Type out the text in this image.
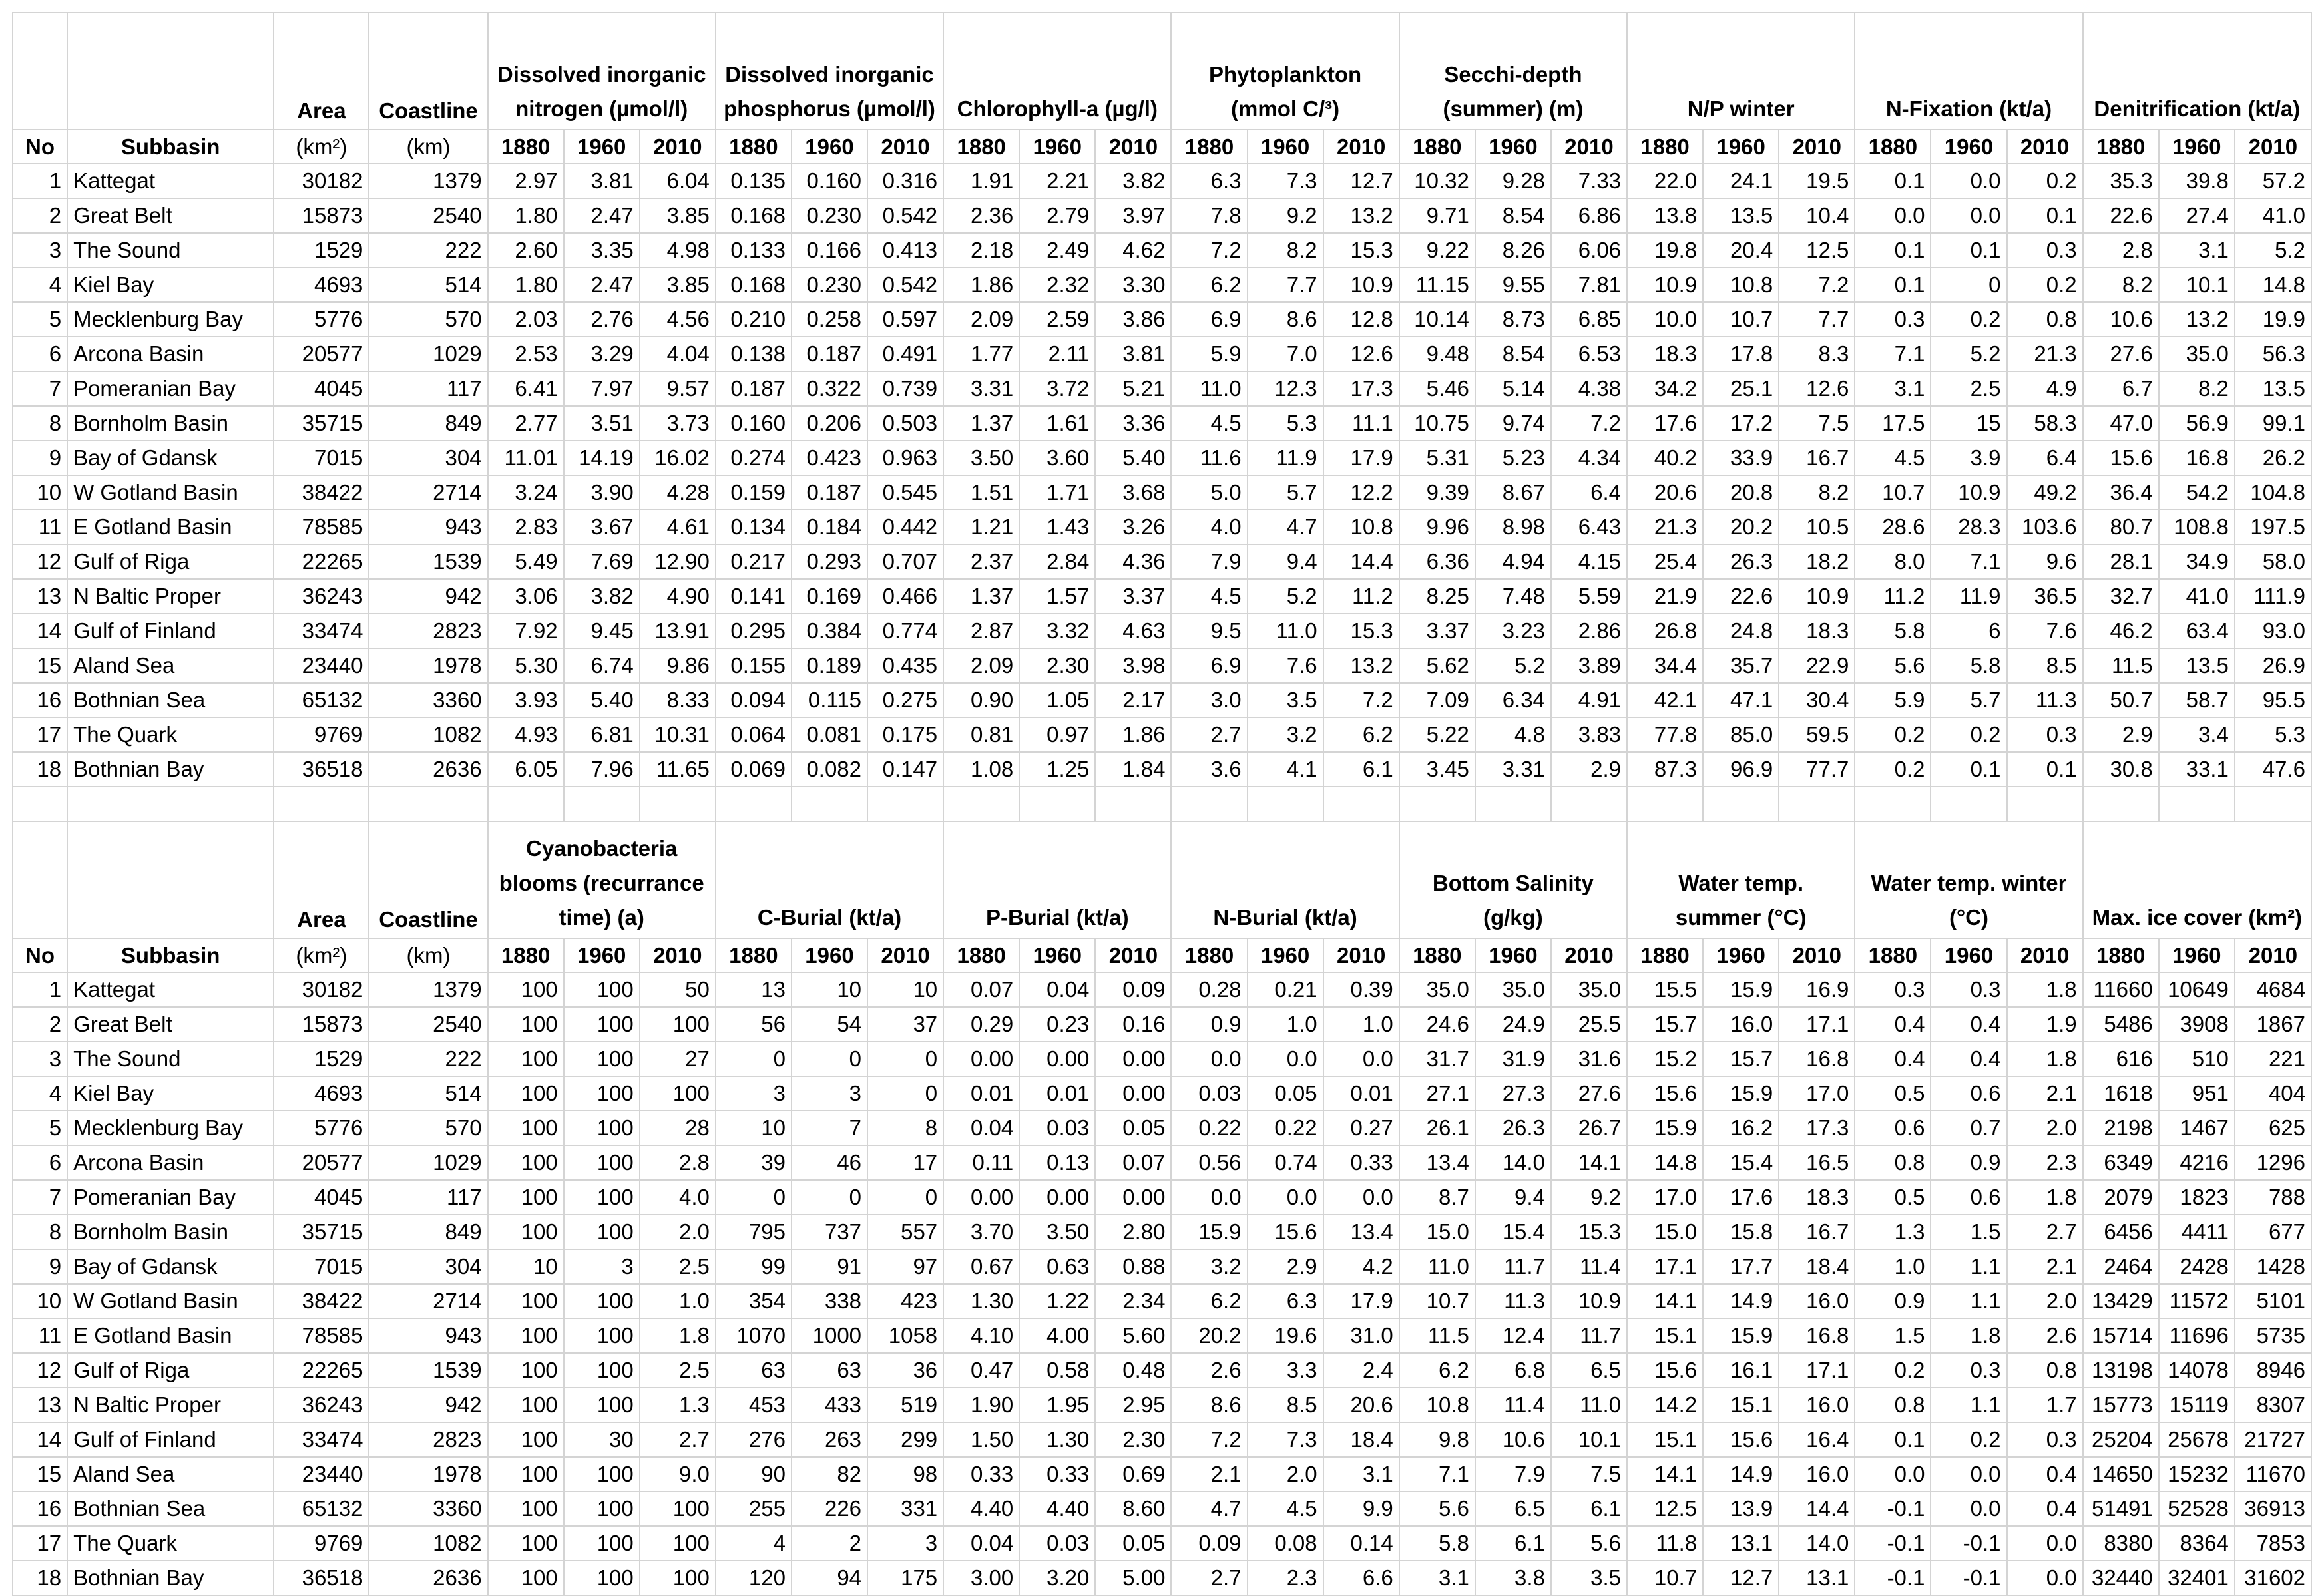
		Area	Coastline	Dissolved inorganic nitrogen (µmol/l)			Dissolved inorganic phosphorus (µmol/l)			Chlorophyll-a (µg/l)			Phytoplankton (mmol C/³)			Secchi-depth (summer) (m)			N/P winter			N-Fixation (kt/a)			Denitrification (kt/a)		
No	Subbasin	(km²)	(km)	1880	1960	2010	1880	1960	2010	1880	1960	2010	1880	1960	2010	1880	1960	2010	1880	1960	2010	1880	1960	2010	1880	1960	2010
1	Kattegat	30182	1379	2.97	3.81	6.04	0.135	0.160	0.316	1.91	2.21	3.82	6.3	7.3	12.7	10.32	9.28	7.33	22.0	24.1	19.5	0.1	0.0	0.2	35.3	39.8	57.2
2	Great Belt	15873	2540	1.80	2.47	3.85	0.168	0.230	0.542	2.36	2.79	3.97	7.8	9.2	13.2	9.71	8.54	6.86	13.8	13.5	10.4	0.0	0.0	0.1	22.6	27.4	41.0
3	The Sound	1529	222	2.60	3.35	4.98	0.133	0.166	0.413	2.18	2.49	4.62	7.2	8.2	15.3	9.22	8.26	6.06	19.8	20.4	12.5	0.1	0.1	0.3	2.8	3.1	5.2
4	Kiel Bay	4693	514	1.80	2.47	3.85	0.168	0.230	0.542	1.86	2.32	3.30	6.2	7.7	10.9	11.15	9.55	7.81	10.9	10.8	7.2	0.1	0	0.2	8.2	10.1	14.8
5	Mecklenburg Bay	5776	570	2.03	2.76	4.56	0.210	0.258	0.597	2.09	2.59	3.86	6.9	8.6	12.8	10.14	8.73	6.85	10.0	10.7	7.7	0.3	0.2	0.8	10.6	13.2	19.9
6	Arcona Basin	20577	1029	2.53	3.29	4.04	0.138	0.187	0.491	1.77	2.11	3.81	5.9	7.0	12.6	9.48	8.54	6.53	18.3	17.8	8.3	7.1	5.2	21.3	27.6	35.0	56.3
7	Pomeranian Bay	4045	117	6.41	7.97	9.57	0.187	0.322	0.739	3.31	3.72	5.21	11.0	12.3	17.3	5.46	5.14	4.38	34.2	25.1	12.6	3.1	2.5	4.9	6.7	8.2	13.5
8	Bornholm Basin	35715	849	2.77	3.51	3.73	0.160	0.206	0.503	1.37	1.61	3.36	4.5	5.3	11.1	10.75	9.74	7.2	17.6	17.2	7.5	17.5	15	58.3	47.0	56.9	99.1
9	Bay of Gdansk	7015	304	11.01	14.19	16.02	0.274	0.423	0.963	3.50	3.60	5.40	11.6	11.9	17.9	5.31	5.23	4.34	40.2	33.9	16.7	4.5	3.9	6.4	15.6	16.8	26.2
10	W Gotland Basin	38422	2714	3.24	3.90	4.28	0.159	0.187	0.545	1.51	1.71	3.68	5.0	5.7	12.2	9.39	8.67	6.4	20.6	20.8	8.2	10.7	10.9	49.2	36.4	54.2	104.8
11	E Gotland Basin	78585	943	2.83	3.67	4.61	0.134	0.184	0.442	1.21	1.43	3.26	4.0	4.7	10.8	9.96	8.98	6.43	21.3	20.2	10.5	28.6	28.3	103.6	80.7	108.8	197.5
12	Gulf of Riga	22265	1539	5.49	7.69	12.90	0.217	0.293	0.707	2.37	2.84	4.36	7.9	9.4	14.4	6.36	4.94	4.15	25.4	26.3	18.2	8.0	7.1	9.6	28.1	34.9	58.0
13	N Baltic Proper	36243	942	3.06	3.82	4.90	0.141	0.169	0.466	1.37	1.57	3.37	4.5	5.2	11.2	8.25	7.48	5.59	21.9	22.6	10.9	11.2	11.9	36.5	32.7	41.0	111.9
14	Gulf of Finland	33474	2823	7.92	9.45	13.91	0.295	0.384	0.774	2.87	3.32	4.63	9.5	11.0	15.3	3.37	3.23	2.86	26.8	24.8	18.3	5.8	6	7.6	46.2	63.4	93.0
15	Aland Sea	23440	1978	5.30	6.74	9.86	0.155	0.189	0.435	2.09	2.30	3.98	6.9	7.6	13.2	5.62	5.2	3.89	34.4	35.7	22.9	5.6	5.8	8.5	11.5	13.5	26.9
16	Bothnian Sea	65132	3360	3.93	5.40	8.33	0.094	0.115	0.275	0.90	1.05	2.17	3.0	3.5	7.2	7.09	6.34	4.91	42.1	47.1	30.4	5.9	5.7	11.3	50.7	58.7	95.5
17	The Quark	9769	1082	4.93	6.81	10.31	0.064	0.081	0.175	0.81	0.97	1.86	2.7	3.2	6.2	5.22	4.8	3.83	77.8	85.0	59.5	0.2	0.2	0.3	2.9	3.4	5.3
18	Bothnian Bay	36518	2636	6.05	7.96	11.65	0.069	0.082	0.147	1.08	1.25	1.84	3.6	4.1	6.1	3.45	3.31	2.9	87.3	96.9	77.7	0.2	0.1	0.1	30.8	33.1	47.6

		Area	Coastline	Cyanobacteria blooms (recurrance time) (a)			C-Burial (kt/a)			P-Burial (kt/a)			N-Burial (kt/a)			Bottom Salinity (g/kg)			Water temp. summer (°C)			Water temp. winter (°C)			Max. ice cover (km²)		
No	Subbasin	(km²)	(km)	1880	1960	2010	1880	1960	2010	1880	1960	2010	1880	1960	2010	1880	1960	2010	1880	1960	2010	1880	1960	2010	1880	1960	2010
1	Kattegat	30182	1379	100	100	50	13	10	10	0.07	0.04	0.09	0.28	0.21	0.39	35.0	35.0	35.0	15.5	15.9	16.9	0.3	0.3	1.8	11660	10649	4684
2	Great Belt	15873	2540	100	100	100	56	54	37	0.29	0.23	0.16	0.9	1.0	1.0	24.6	24.9	25.5	15.7	16.0	17.1	0.4	0.4	1.9	5486	3908	1867
3	The Sound	1529	222	100	100	27	0	0	0	0.00	0.00	0.00	0.0	0.0	0.0	31.7	31.9	31.6	15.2	15.7	16.8	0.4	0.4	1.8	616	510	221
4	Kiel Bay	4693	514	100	100	100	3	3	0	0.01	0.01	0.00	0.03	0.05	0.01	27.1	27.3	27.6	15.6	15.9	17.0	0.5	0.6	2.1	1618	951	404
5	Mecklenburg Bay	5776	570	100	100	28	10	7	8	0.04	0.03	0.05	0.22	0.22	0.27	26.1	26.3	26.7	15.9	16.2	17.3	0.6	0.7	2.0	2198	1467	625
6	Arcona Basin	20577	1029	100	100	2.8	39	46	17	0.11	0.13	0.07	0.56	0.74	0.33	13.4	14.0	14.1	14.8	15.4	16.5	0.8	0.9	2.3	6349	4216	1296
7	Pomeranian Bay	4045	117	100	100	4.0	0	0	0	0.00	0.00	0.00	0.0	0.0	0.0	8.7	9.4	9.2	17.0	17.6	18.3	0.5	0.6	1.8	2079	1823	788
8	Bornholm Basin	35715	849	100	100	2.0	795	737	557	3.70	3.50	2.80	15.9	15.6	13.4	15.0	15.4	15.3	15.0	15.8	16.7	1.3	1.5	2.7	6456	4411	677
9	Bay of Gdansk	7015	304	10	3	2.5	99	91	97	0.67	0.63	0.88	3.2	2.9	4.2	11.0	11.7	11.4	17.1	17.7	18.4	1.0	1.1	2.1	2464	2428	1428
10	W Gotland Basin	38422	2714	100	100	1.0	354	338	423	1.30	1.22	2.34	6.2	6.3	17.9	10.7	11.3	10.9	14.1	14.9	16.0	0.9	1.1	2.0	13429	11572	5101
11	E Gotland Basin	78585	943	100	100	1.8	1070	1000	1058	4.10	4.00	5.60	20.2	19.6	31.0	11.5	12.4	11.7	15.1	15.9	16.8	1.5	1.8	2.6	15714	11696	5735
12	Gulf of Riga	22265	1539	100	100	2.5	63	63	36	0.47	0.58	0.48	2.6	3.3	2.4	6.2	6.8	6.5	15.6	16.1	17.1	0.2	0.3	0.8	13198	14078	8946
13	N Baltic Proper	36243	942	100	100	1.3	453	433	519	1.90	1.95	2.95	8.6	8.5	20.6	10.8	11.4	11.0	14.2	15.1	16.0	0.8	1.1	1.7	15773	15119	8307
14	Gulf of Finland	33474	2823	100	30	2.7	276	263	299	1.50	1.30	2.30	7.2	7.3	18.4	9.8	10.6	10.1	15.1	15.6	16.4	0.1	0.2	0.3	25204	25678	21727
15	Aland Sea	23440	1978	100	100	9.0	90	82	98	0.33	0.33	0.69	2.1	2.0	3.1	7.1	7.9	7.5	14.1	14.9	16.0	0.0	0.0	0.4	14650	15232	11670
16	Bothnian Sea	65132	3360	100	100	100	255	226	331	4.40	4.40	8.60	4.7	4.5	9.9	5.6	6.5	6.1	12.5	13.9	14.4	-0.1	0.0	0.4	51491	52528	36913
17	The Quark	9769	1082	100	100	100	4	2	3	0.04	0.03	0.05	0.09	0.08	0.14	5.8	6.1	5.6	11.8	13.1	14.0	-0.1	-0.1	0.0	8380	8364	7853
18	Bothnian Bay	36518	2636	100	100	100	120	94	175	3.00	3.20	5.00	2.7	2.3	6.6	3.1	3.8	3.5	10.7	12.7	13.1	-0.1	-0.1	0.0	32440	32401	31602
